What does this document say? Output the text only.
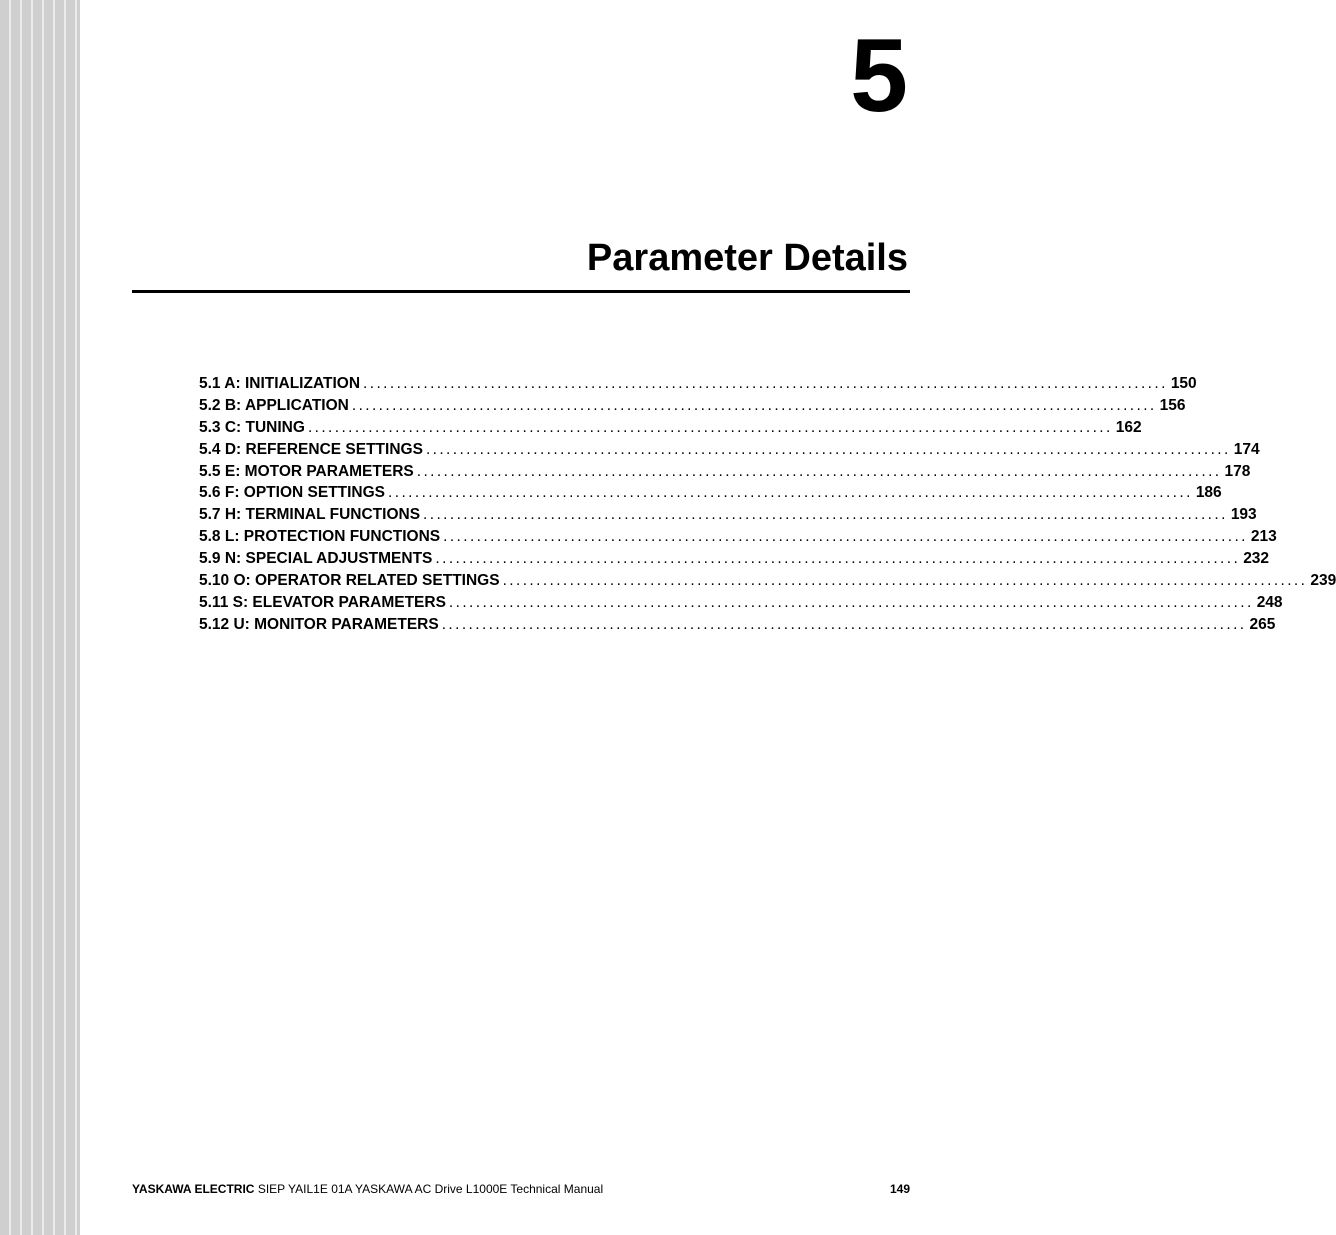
5
Parameter Details
5.1 A: INITIALIZATION ........................................................................................................................ 150
5.2 B: APPLICATION ........................................................................................................................ 156
5.3 C: TUNING ........................................................................................................................ 162
5.4 D: REFERENCE SETTINGS ........................................................................................................................ 174
5.5 E: MOTOR PARAMETERS ........................................................................................................................ 178
5.6 F: OPTION SETTINGS ........................................................................................................................ 186
5.7 H: TERMINAL FUNCTIONS ........................................................................................................................ 193
5.8 L: PROTECTION FUNCTIONS ........................................................................................................................ 213
5.9 N: SPECIAL ADJUSTMENTS ........................................................................................................................ 232
5.10 O: OPERATOR RELATED SETTINGS ........................................................................................................................ 239
5.11 S: ELEVATOR PARAMETERS ........................................................................................................................ 248
5.12 U: MONITOR PARAMETERS ........................................................................................................................ 265
YASKAWA ELECTRIC SIEP YAIL1E 01A YASKAWA AC Drive L1000E Technical Manual	149
